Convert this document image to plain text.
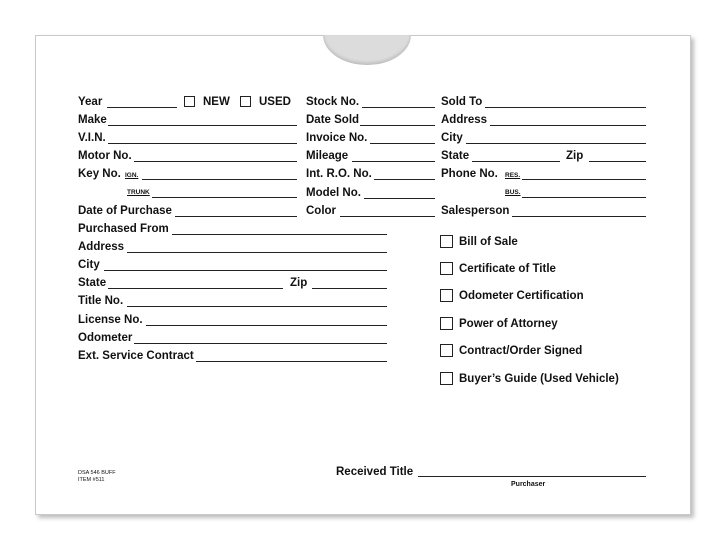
Year	NEW	USED
Make
V.I.N.
Motor No.
Key No. IGN.
TRUNK
Date of Purchase
Stock No.
Date Sold
Invoice No.
Mileage
Int. R.O. No.
Model No.
Color
Sold To
Address
City
State	Zip
Phone No. RES.
BUS.
Salesperson
Purchased From
Address
City
State	Zip
Title No.
License No.
Odometer
Ext. Service Contract
Bill of Sale
Certificate of Title
Odometer Certification
Power of Attorney
Contract/Order Signed
Buyer’s Guide (Used Vehicle)
DSA 546 BUFF
ITEM #511
Received Title
Purchaser
